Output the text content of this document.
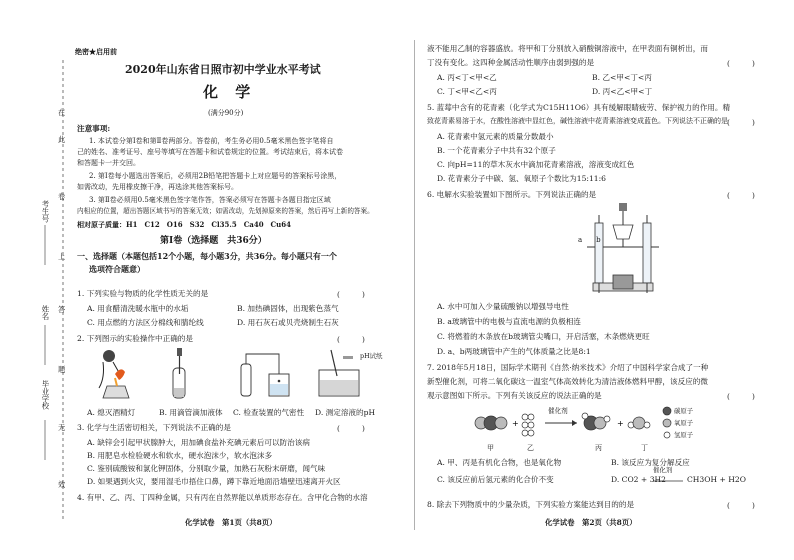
考生号
姓名
毕业学校
在
此
卷
上
答
题
无
效
绝密★启用前
2020年山东省日照市初中学业水平考试
化 学
(满分90分)
注意事项:
1. 本试卷分第Ⅰ卷和第Ⅱ卷两部分。答卷前，考生务必用0.5毫米黑色签字笔将自
己的姓名、准考证号、座号等填写在答题卡和试卷规定的位置。考试结束后，将本试卷
和答题卡一并交回。
2. 第Ⅰ卷每小题选出答案后，必须用2B铅笔把答题卡上对应题号的答案标号涂黑，
如需改动，先用橡皮擦干净，再选涂其他答案标号。
3. 第Ⅱ卷必须用0.5毫米黑色签字笔作答，答案必须写在答题卡各题目指定区域
内相应的位置，超出答题区域书写的答案无效；如需改动，先划掉原来的答案，然后再写上新的答案。
相对原子质量：H1　C12　O16　S32　Cl35.5　Ca40　Cu64
第Ⅰ卷（选择题　共36分）
一、选择题（本题包括12个小题，每小题3分，共36分。每小题只有一个
选项符合题意）
1. 下列实验与物质的化学性质无关的是	(　　　)
A. 用食醋清洗暖水瓶中的水垢	B. 加热碘固体，出现紫色蒸气
C. 用点燃的方法区分棉线和腈纶线	D. 用石灰石或贝壳烧制生石灰
2. 下列图示的实验操作中正确的是	(　　　)
pH试纸
A. 熄灭酒精灯	B. 用滴管滴加液体 C. 检查装置的气密性 D. 测定溶液的pH
3. 化学与生活密切相关，下列说法不正确的是	(　　　)
A. 缺锌会引起甲状腺肿大，用加碘食盐补充碘元素后可以防治该病
B. 用肥皂水检验硬水和软水，硬水泡沫少，软水泡沫多
C. 鉴别硫酸铵和氯化钾固体，分别取少量，加熟石灰粉末研磨，闻气味
D. 如果遇到火灾，要用湿毛巾捂住口鼻，蹲下靠近地面沿墙壁迅速离开火区
4. 有甲、乙、丙、丁四种金属，只有丙在自然界能以单质形态存在。含甲化合物的水溶
化学试卷　第1页（共8页）
液不能用乙制的容器盛放。将甲和丁分别放入硝酸铜溶液中，在甲表面有铜析出，而
丁没有变化。这四种金属活动性顺序由弱到强的是	(　　　)
A. 丙<丁<甲<乙	B. 乙<甲<丁<丙
C. 丁<甲<乙<丙	D. 丙<乙<甲<丁
5. 蓝莓中含有的花青素（化学式为C15H11O6）具有缓解眼睛疲劳、保护视力的作用。精
致花青素易溶于水，在酸性溶液中显红色，碱性溶液中花青素溶液变成蓝色。下列说法不正确的是 (　　　)
A. 花青素中氢元素的质量分数最小
B. 一个花青素分子中共有32个原子
C. 向pH=11的草木灰水中滴加花青素溶液，溶液变成红色
D. 花青素分子中碳、氢、氧原子个数比为15:11:6
6. 电解水实验装置如下图所示。下列说法正确的是	(　　　)
a　　b
A. 水中可加入少量硫酸钠以增强导电性
B. a玻璃管中的电极与直流电源的负极相连
C. 将燃着的木条放在b玻璃管尖嘴口，开启活塞，木条燃烧更旺
D. a、b两玻璃管中产生的气体质量之比是8:1
7. 2018年5月18日，国际学术期刊《自然·纳米技术》介绍了中国科学家合成了一种
新型催化剂，可将二氧化碳这一温室气体高效转化为清洁液体燃料甲醇，该反应的微
观示意图如下所示。下列有关该反应的说法正确的是	(　　　)
+	+
催化剂	碳原子
氧原子
氢原子
甲	乙	丙	丁
A. 甲、丙是有机化合物，也是氧化物	B. 该反应为复分解反应
C. 该反应前后氢元素的化合价不变
催化剂
D. CO2 + 3H2	CH3OH + H2O
8. 除去下列物质中的少量杂质，下列实验方案能达到目的的是	(　　　)
化学试卷　第2页（共8页）
